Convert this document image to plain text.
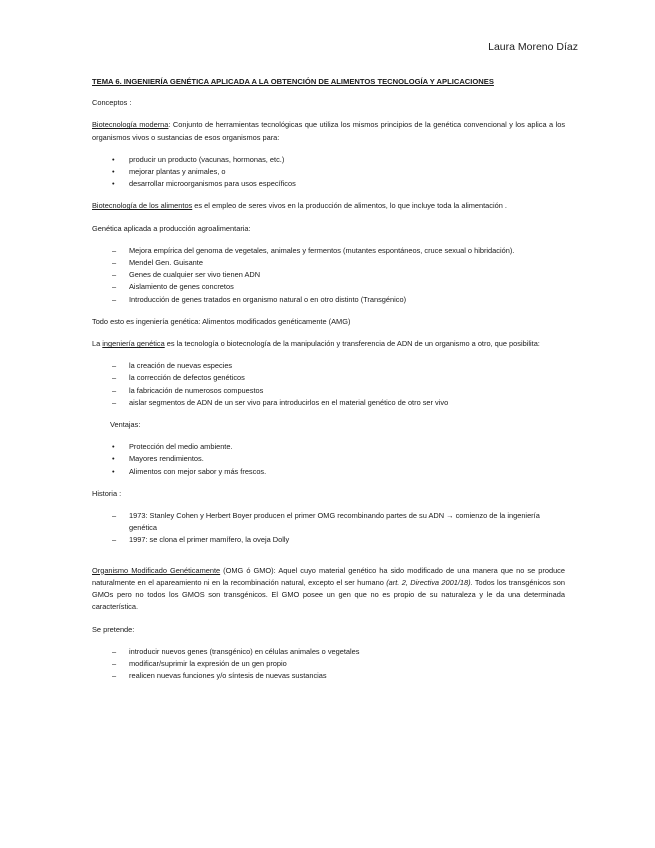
Laura Moreno Díaz
TEMA 6. INGENIERÍA GENÉTICA APLICADA A LA OBTENCIÓN DE ALIMENTOS TECNOLOGÍA Y APLICACIONES

Conceptos :

Biotecnología moderna: Conjunto de herramientas tecnológicas que utiliza los mismos principios de la genética convencional y los aplica a los organismos vivos o sustancias de esos organismos para:

• producir un producto (vacunas, hormonas, etc.)
• mejorar plantas y animales, o
• desarrollar microorganismos para usos específicos

Biotecnología de los alimentos es el empleo de seres vivos en la producción de alimentos, lo que incluye toda la alimentación .

Genética aplicada a producción agroalimentaria:

– Mejora empírica del genoma de vegetales, animales y fermentos (mutantes espontáneos, cruce sexual o hibridación).
– Mendel Gen. Guisante
– Genes de cualquier ser vivo tienen ADN
– Aislamiento de genes concretos
– Introducción de genes tratados en organismo natural o en otro distinto (Transgénico)

Todo esto es ingeniería genética: Alimentos modificados genéticamente (AMG)

La ingeniería genética es la tecnología o biotecnología de la manipulación y transferencia de ADN de un organismo a otro, que posibilita:

– la creación de nuevas especies
– la corrección de defectos genéticos
– la fabricación de numerosos compuestos
– aislar segmentos de ADN de un ser vivo para introducirlos en el material genético de otro ser vivo

Ventajas:

• Protección del medio ambiente.
• Mayores rendimientos.
• Alimentos con mejor sabor y más frescos.

Historia :

– 1973: Stanley Cohen y Herbert Boyer producen el primer OMG recombinando partes de su ADN → comienzo de la ingeniería genética
– 1997: se clona el primer mamífero, la oveja Dolly

Organismo Modificado Genéticamente (OMG ó GMO): Aquel cuyo material genético ha sido modificado de una manera que no se produce naturalmente en el apareamiento ni en la recombinación natural, excepto el ser humano (art. 2, Directiva 2001/18). Todos los transgénicos son GMOs pero no todos los GMOS son transgénicos. El GMO posee un gen que no es propio de su naturaleza y le da una determinada característica.

Se pretende:

– introducir nuevos genes (transgénico) en células animales o vegetales
– modificar/suprimir la expresión de un gen propio
– realicen nuevas funciones y/o síntesis de nuevas sustancias
